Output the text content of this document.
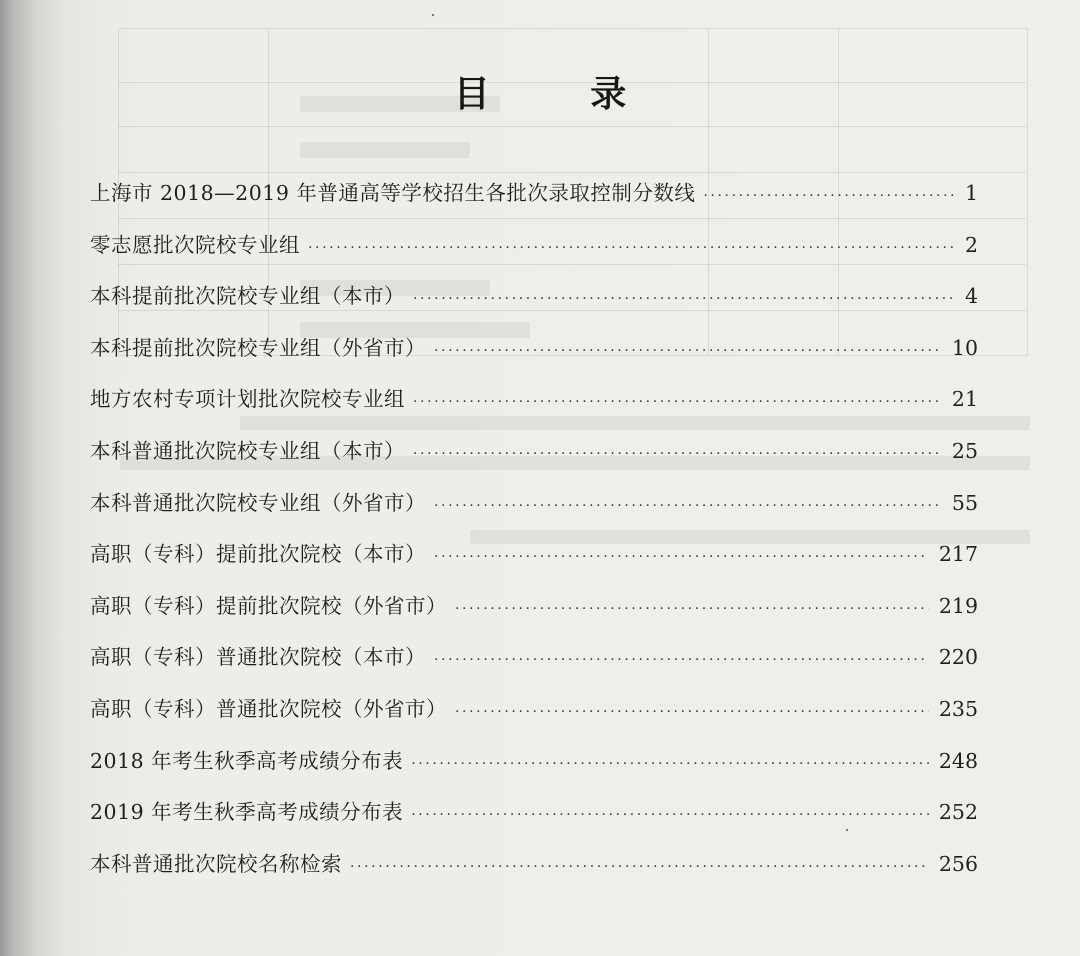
目 录
上海市 2018—2019 年普通高等学校招生各批次录取控制分数线 ·····	1
零志愿批次院校专业组 ·····	2
本科提前批次院校专业组（本市） ·····	4
本科提前批次院校专业组（外省市） ·····	10
地方农村专项计划批次院校专业组 ·····	21
本科普通批次院校专业组（本市） ·····	25
本科普通批次院校专业组（外省市） ·····	55
高职（专科）提前批次院校（本市） ·····	217
高职（专科）提前批次院校（外省市） ·····	219
高职（专科）普通批次院校（本市） ·····	220
高职（专科）普通批次院校（外省市） ·····	235
2018 年考生秋季高考成绩分布表 ·····	248
2019 年考生秋季高考成绩分布表 ·····	252
本科普通批次院校名称检索 ·····	256
